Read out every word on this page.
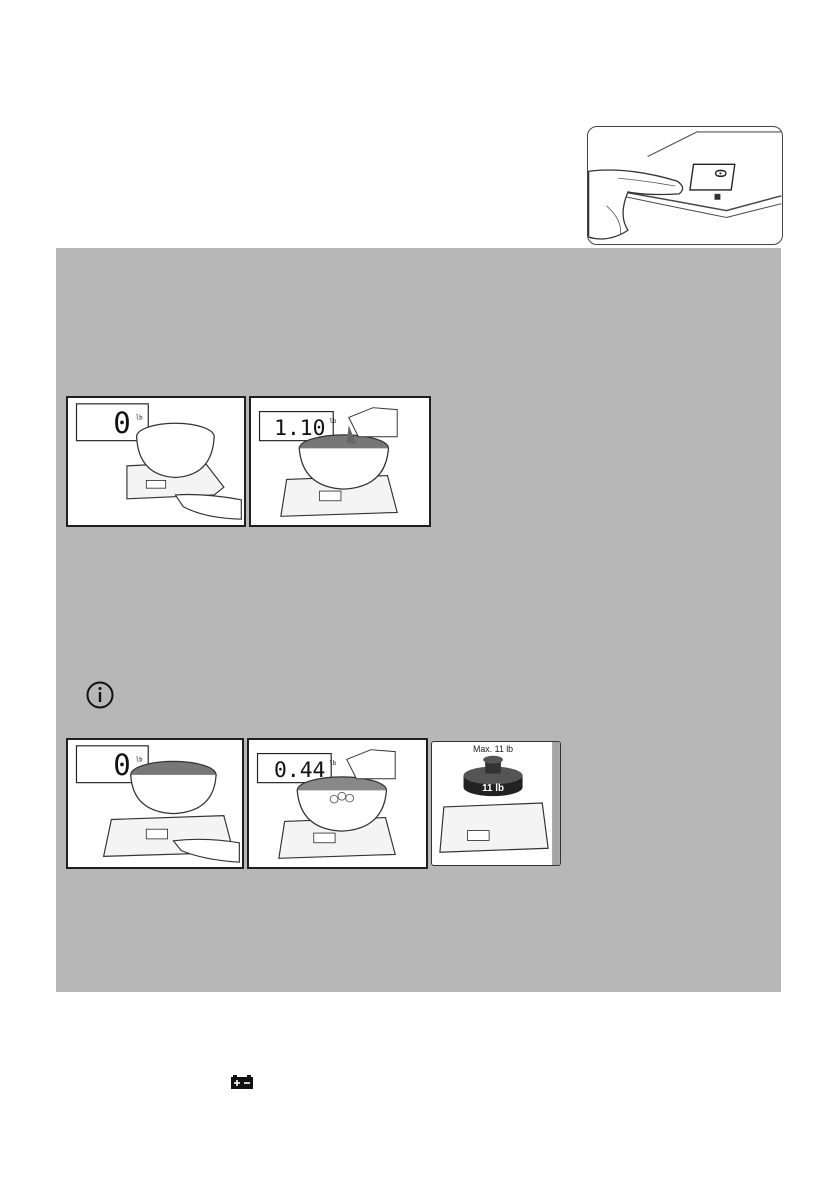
0
0 lb	1.10 lb
0 lb	0.44 lb
Max. 11 lb
11 lb
